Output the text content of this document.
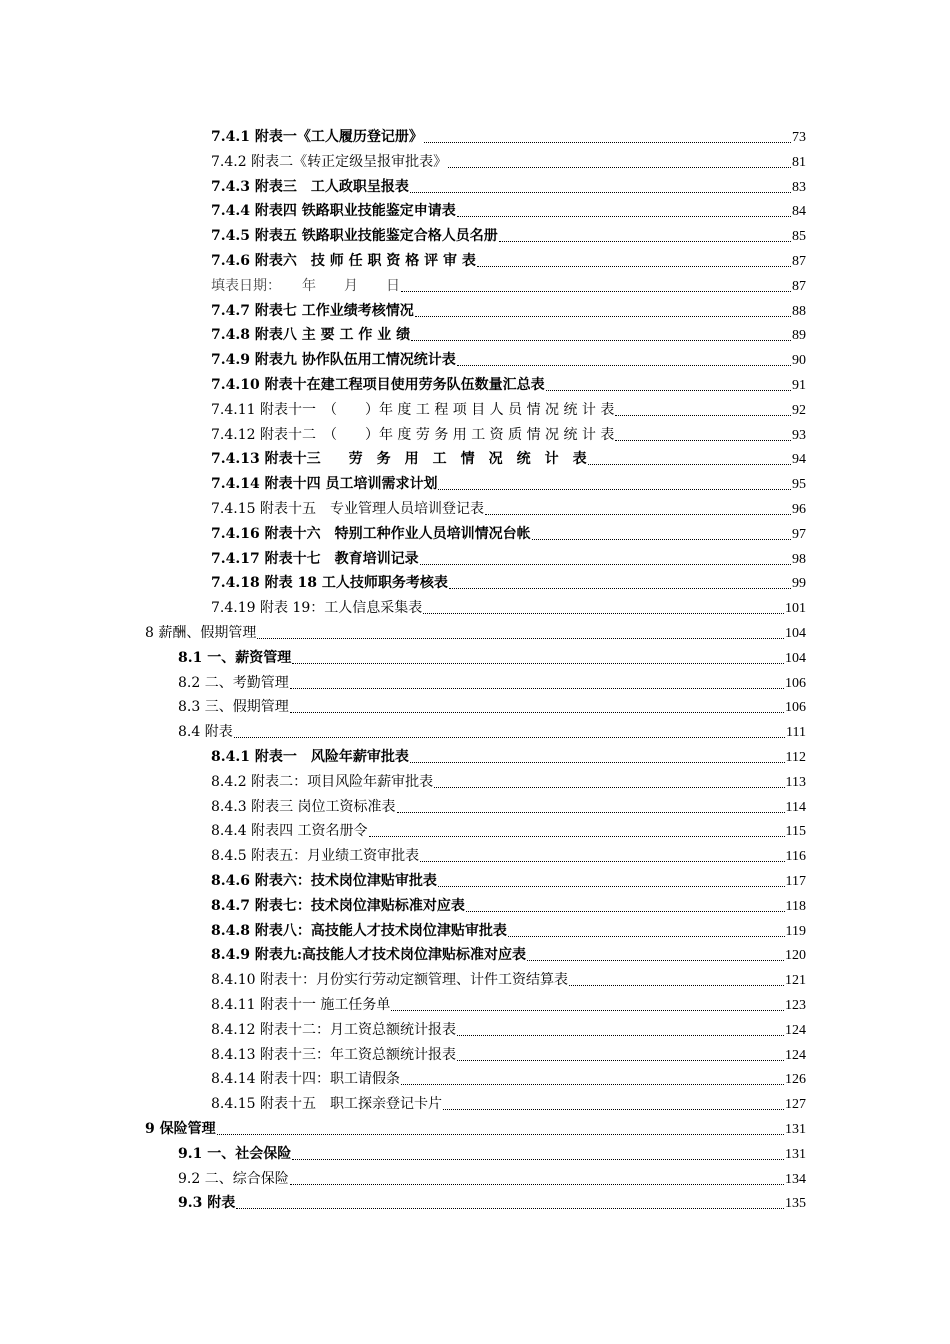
7.4.1 附表一《工人履历登记册》	73
7.4.2 附表二《转正定级呈报审批表》	81
7.4.3 附表三　工人政职呈报表	83
7.4.4 附表四 铁路职业技能鉴定申请表	84
7.4.5 附表五 铁路职业技能鉴定合格人员名册	85
7.4.6 附表六　技 师 任 职 资 格 评 审 表	87
填表日期：　　年　　月　　日	87
7.4.7 附表七 工作业绩考核情况	88
7.4.8 附表八 主 要 工 作 业 绩	89
7.4.9 附表九 协作队伍用工情况统计表	90
7.4.10 附表十在建工程项目使用劳务队伍数量汇总表	91
7.4.11 附表十一　（　　）年 度 工 程 项 目 人 员 情 况 统 计 表	92
7.4.12 附表十二　（　　）年 度 劳 务 用 工 资 质 情 况 统 计 表	93
7.4.13 附表十三　　劳　务　用　工　情　况　统　计　表	94
7.4.14 附表十四 员工培训需求计划	95
7.4.15 附表十五　专业管理人员培训登记表	96
7.4.16 附表十六　特别工种作业人员培训情况台帐	97
7.4.17 附表十七　教育培训记录	98
7.4.18 附表 18 工人技师职务考核表	99
7.4.19 附表 19：工人信息采集表	101
8 薪酬、假期管理	104
8.1 一、薪资管理	104
8.2 二、考勤管理	106
8.3 三、假期管理	106
8.4 附表	111
8.4.1 附表一　风险年薪审批表	112
8.4.2 附表二：项目风险年薪审批表	113
8.4.3 附表三 岗位工资标准表	114
8.4.4 附表四 工资名册令	115
8.4.5 附表五：月业绩工资审批表	116
8.4.6 附表六：技术岗位津贴审批表	117
8.4.7 附表七：技术岗位津贴标准对应表	118
8.4.8 附表八：高技能人才技术岗位津贴审批表	119
8.4.9 附表九:高技能人才技术岗位津贴标准对应表	120
8.4.10 附表十：月份实行劳动定额管理、计件工资结算表	121
8.4.11 附表十一 施工任务单	123
8.4.12 附表十二：月工资总额统计报表	124
8.4.13 附表十三：年工资总额统计报表	124
8.4.14 附表十四：职工请假条	126
8.4.15 附表十五　职工探亲登记卡片	127
9 保险管理	131
9.1 一、社会保险	131
9.2 二、综合保险	134
9.3 附表	135
